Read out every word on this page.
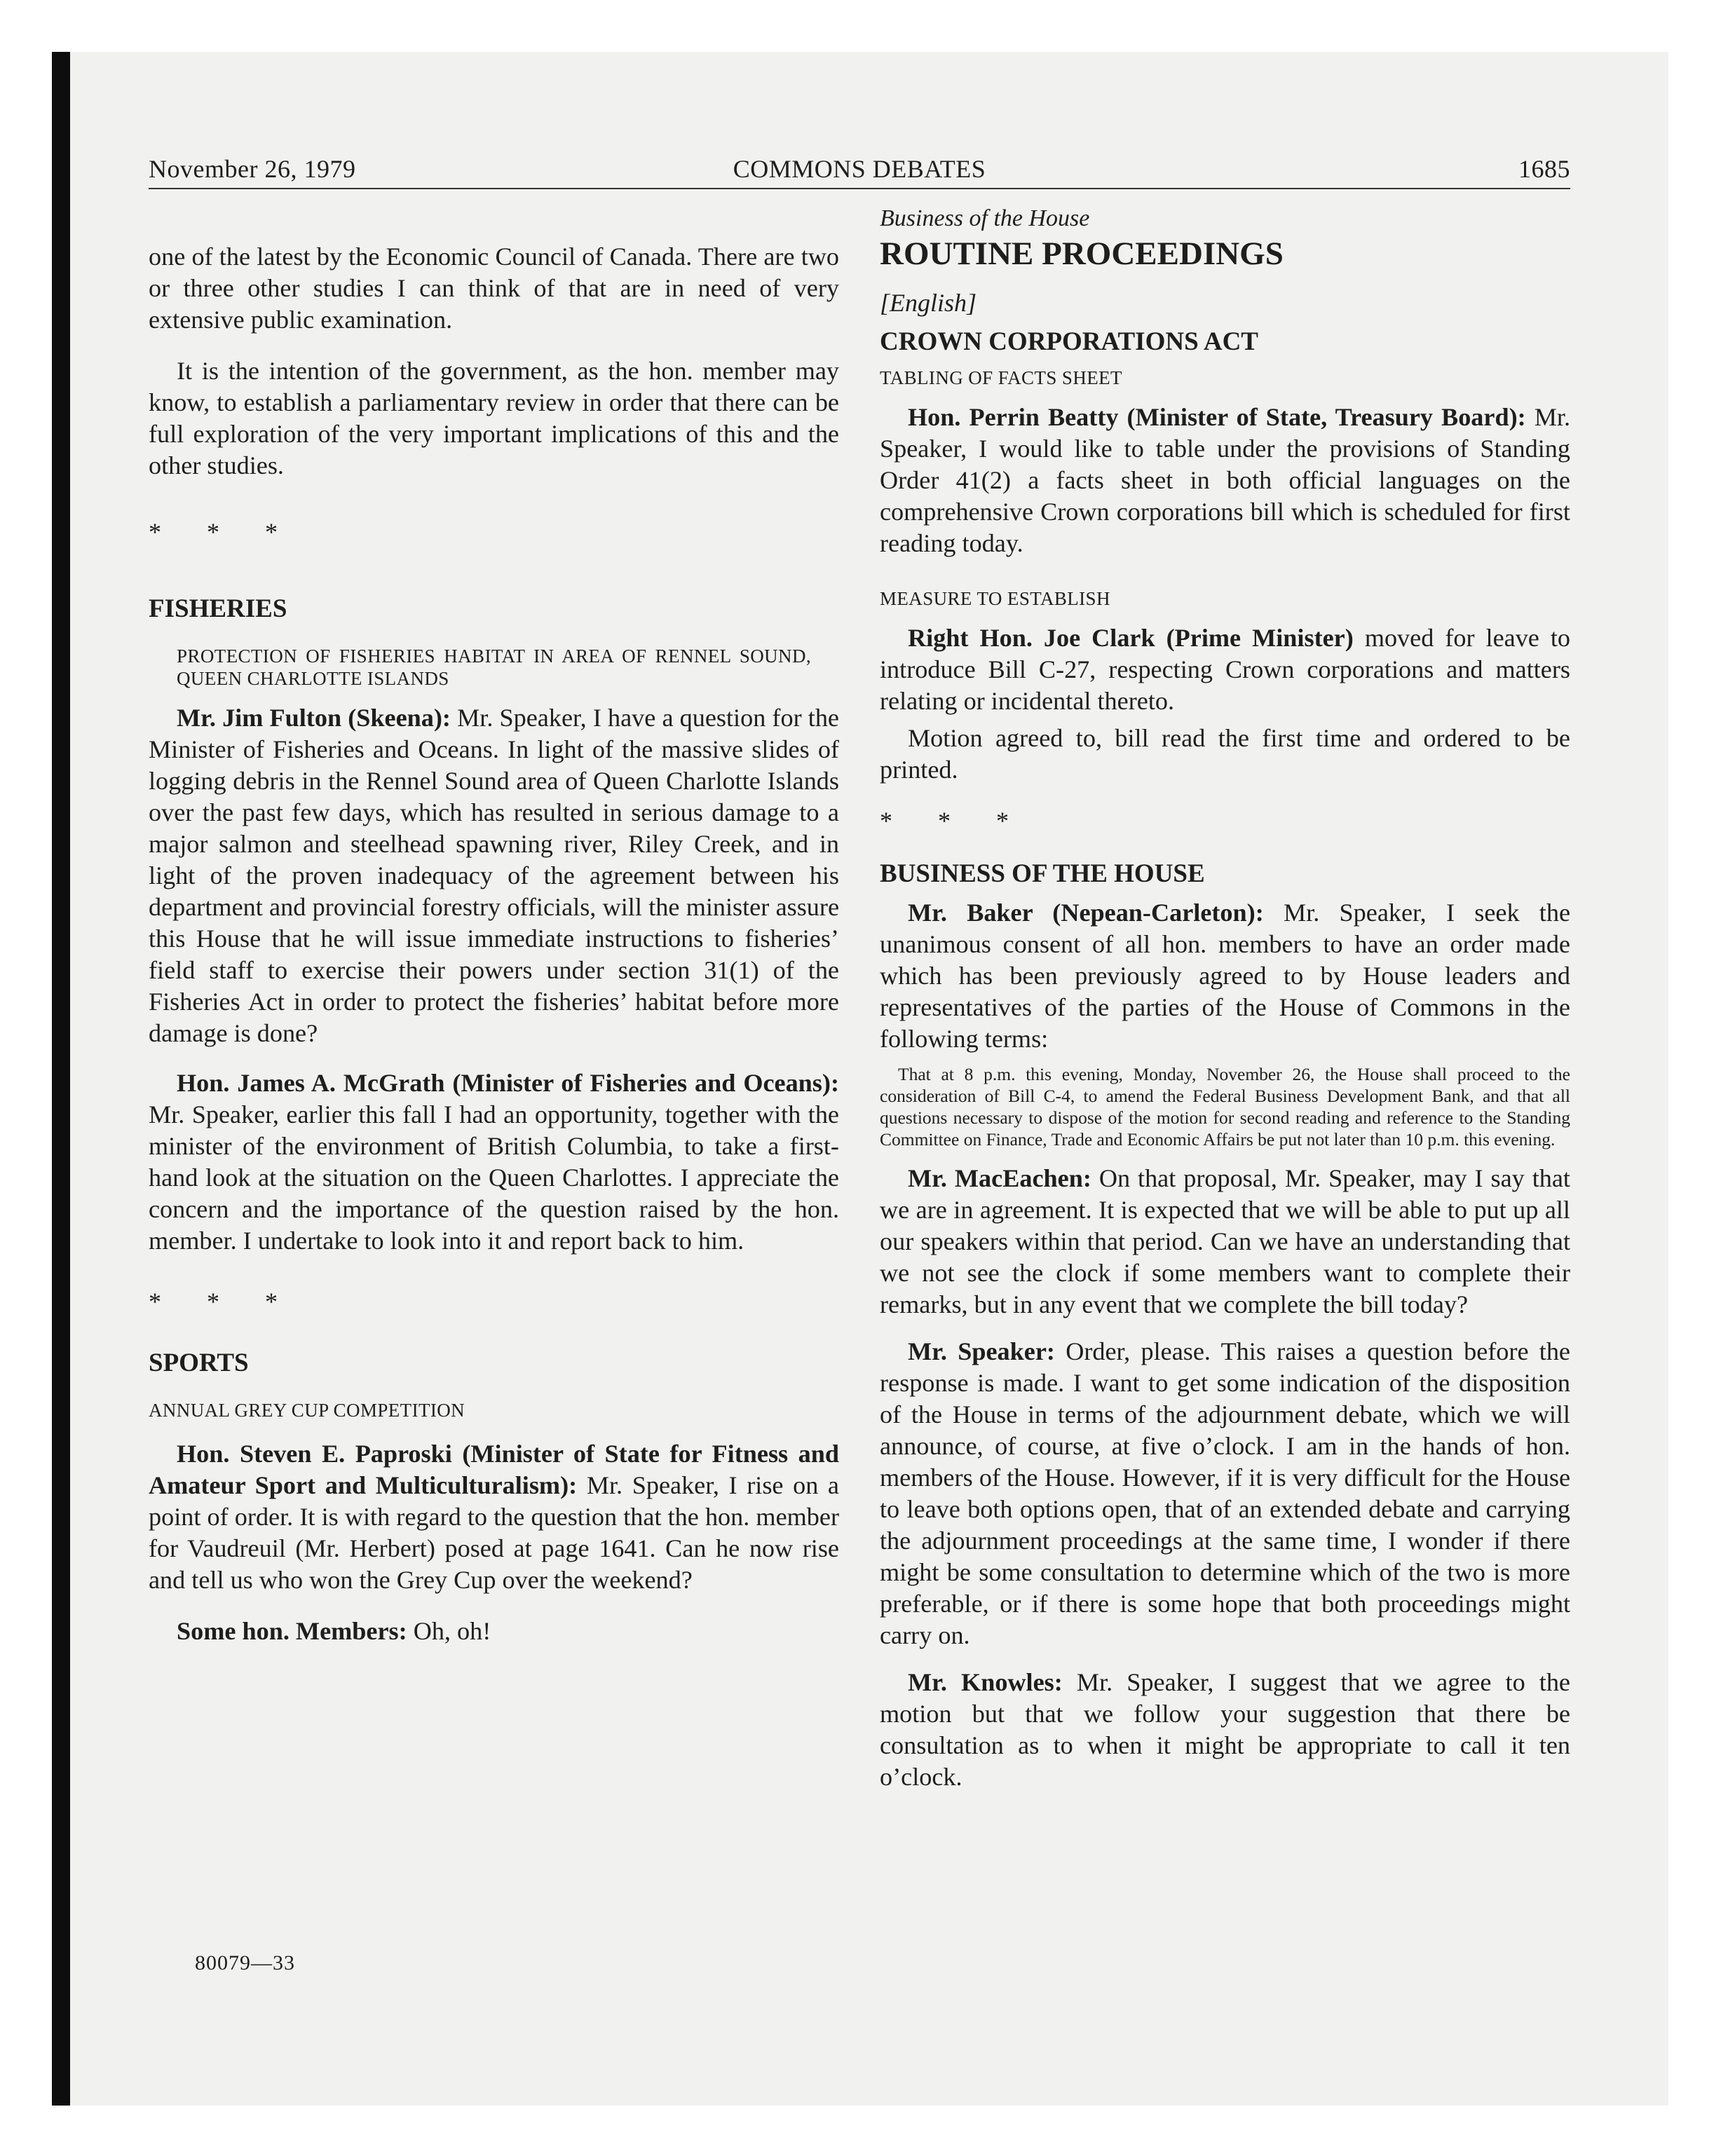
November 26, 1979	COMMONS DEBATES	1685

one of the latest by the Economic Council of Canada. There are two or three other studies I can think of that are in need of very extensive public examination.

It is the intention of the government, as the hon. member may know, to establish a parliamentary review in order that there can be full exploration of the very important implications of this and the other studies.

* * *

FISHERIES

PROTECTION OF FISHERIES HABITAT IN AREA OF RENNEL SOUND, QUEEN CHARLOTTE ISLANDS

Mr. Jim Fulton (Skeena): Mr. Speaker, I have a question for the Minister of Fisheries and Oceans. In light of the massive slides of logging debris in the Rennel Sound area of Queen Charlotte Islands over the past few days, which has resulted in serious damage to a major salmon and steelhead spawning river, Riley Creek, and in light of the proven inadequacy of the agreement between his department and provincial forestry officials, will the minister assure this House that he will issue immediate instructions to fisheries’ field staff to exercise their powers under section 31(1) of the Fisheries Act in order to protect the fisheries’ habitat before more damage is done?

Hon. James A. McGrath (Minister of Fisheries and Oceans): Mr. Speaker, earlier this fall I had an opportunity, together with the minister of the environment of British Columbia, to take a first-hand look at the situation on the Queen Charlottes. I appreciate the concern and the importance of the question raised by the hon. member. I undertake to look into it and report back to him.

* * *

SPORTS

ANNUAL GREY CUP COMPETITION

Hon. Steven E. Paproski (Minister of State for Fitness and Amateur Sport and Multiculturalism): Mr. Speaker, I rise on a point of order. It is with regard to the question that the hon. member for Vaudreuil (Mr. Herbert) posed at page 1641. Can he now rise and tell us who won the Grey Cup over the weekend?

Some hon. Members: Oh, oh!

Business of the House

ROUTINE PROCEEDINGS

[English]

CROWN CORPORATIONS ACT

TABLING OF FACTS SHEET

Hon. Perrin Beatty (Minister of State, Treasury Board): Mr. Speaker, I would like to table under the provisions of Standing Order 41(2) a facts sheet in both official languages on the comprehensive Crown corporations bill which is scheduled for first reading today.

MEASURE TO ESTABLISH

Right Hon. Joe Clark (Prime Minister) moved for leave to introduce Bill C-27, respecting Crown corporations and matters relating or incidental thereto.

Motion agreed to, bill read the first time and ordered to be printed.

* * *

BUSINESS OF THE HOUSE

Mr. Baker (Nepean-Carleton): Mr. Speaker, I seek the unanimous consent of all hon. members to have an order made which has been previously agreed to by House leaders and representatives of the parties of the House of Commons in the following terms:

That at 8 p.m. this evening, Monday, November 26, the House shall proceed to the consideration of Bill C-4, to amend the Federal Business Development Bank, and that all questions necessary to dispose of the motion for second reading and reference to the Standing Committee on Finance, Trade and Economic Affairs be put not later than 10 p.m. this evening.

Mr. MacEachen: On that proposal, Mr. Speaker, may I say that we are in agreement. It is expected that we will be able to put up all our speakers within that period. Can we have an understanding that we not see the clock if some members want to complete their remarks, but in any event that we complete the bill today?

Mr. Speaker: Order, please. This raises a question before the response is made. I want to get some indication of the disposition of the House in terms of the adjournment debate, which we will announce, of course, at five o’clock. I am in the hands of hon. members of the House. However, if it is very difficult for the House to leave both options open, that of an extended debate and carrying the adjournment proceedings at the same time, I wonder if there might be some consultation to determine which of the two is more preferable, or if there is some hope that both proceedings might carry on.

Mr. Knowles: Mr. Speaker, I suggest that we agree to the motion but that we follow your suggestion that there be consultation as to when it might be appropriate to call it ten o’clock.

80079—33
